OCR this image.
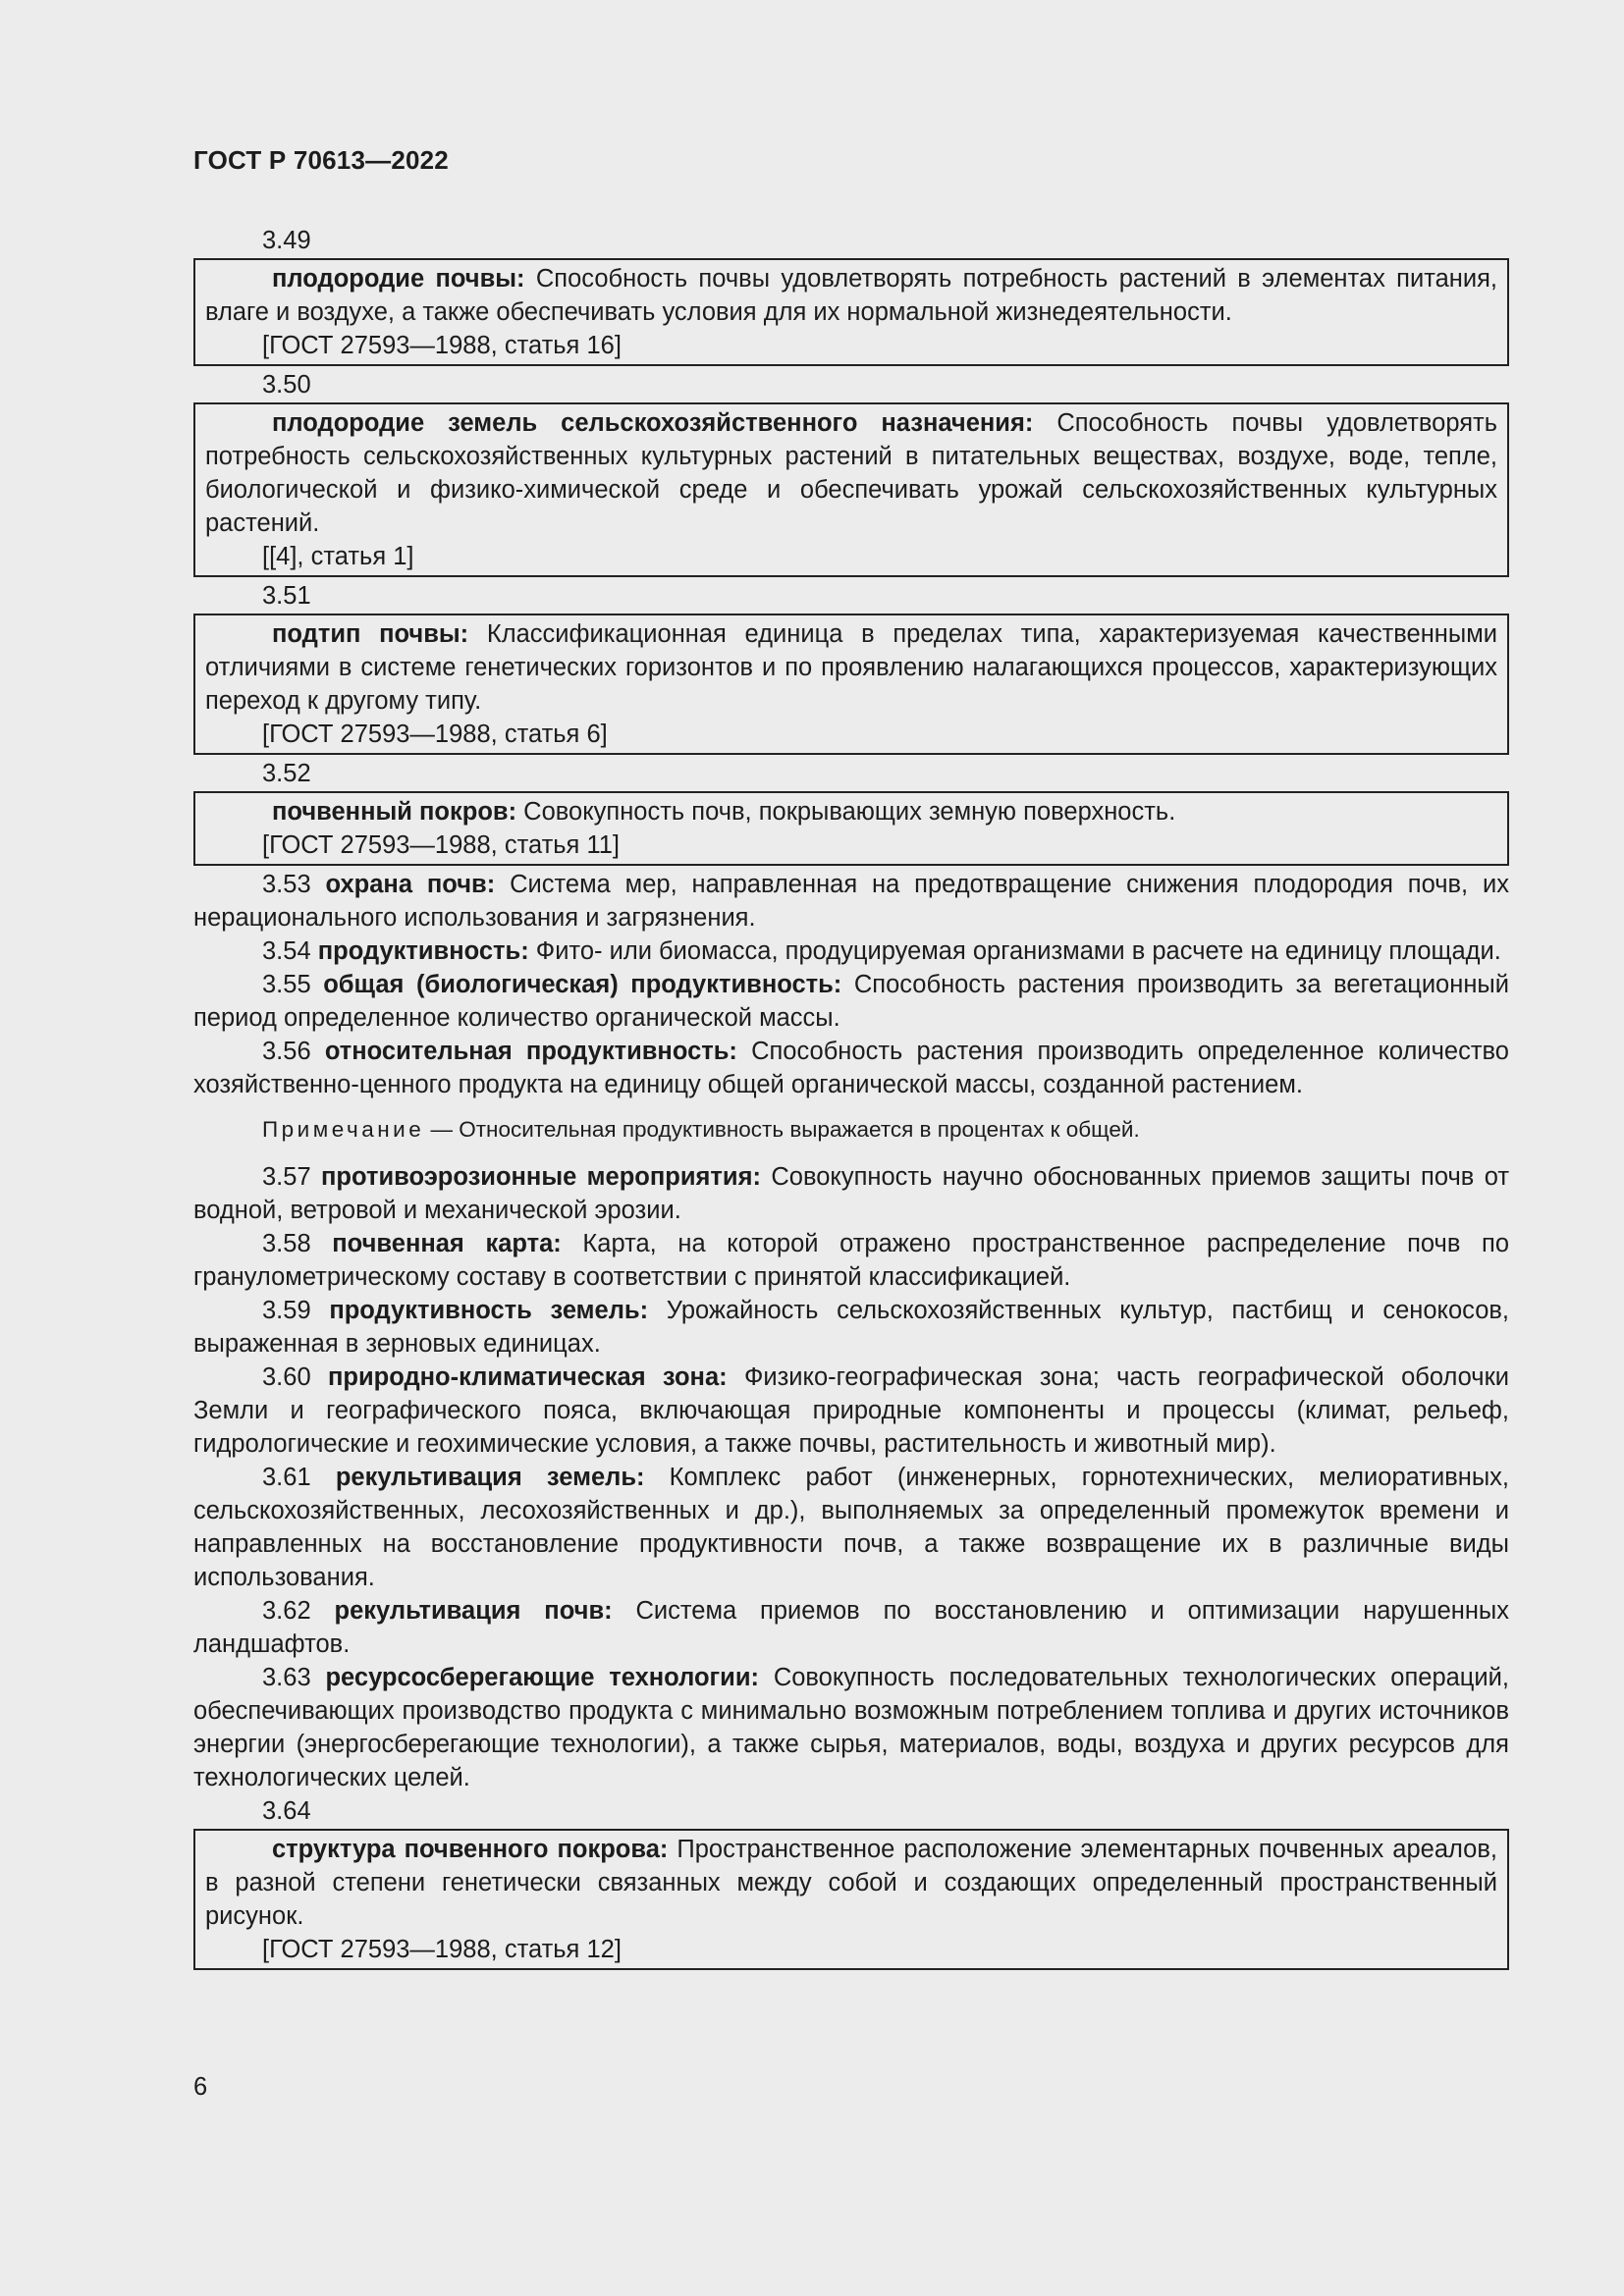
ГОСТ Р 70613—2022
3.49

плодородие почвы: Способность почвы удовлетворять потребность растений в элементах питания, влаге и воздухе, а также обеспечивать условия для их нормальной жизнедеятельности.

[ГОСТ 27593—1988, статья 16]
3.50

плодородие земель сельскохозяйственного назначения: Способность почвы удовлетворять потребность сельскохозяйственных культурных растений в питательных веществах, воздухе, воде, тепле, биологической и физико-химической среде и обеспечивать урожай сельскохозяйственных культурных растений.

[[4], статья 1]
3.51

подтип почвы: Классификационная единица в пределах типа, характеризуемая качественными отличиями в системе генетических горизонтов и по проявлению налагающихся процессов, характеризующих переход к другому типу.

[ГОСТ 27593—1988, статья 6]
3.52

почвенный покров: Совокупность почв, покрывающих земную поверхность.

[ГОСТ 27593—1988, статья 11]

3.53 охрана почв: Система мер, направленная на предотвращение снижения плодородия почв, их нерационального использования и загрязнения.

3.54 продуктивность: Фито- или биомасса, продуцируемая организмами в расчете на единицу площади.

3.55 общая (биологическая) продуктивность: Способность растения производить за вегетационный период определенное количество органической массы.

3.56 относительная продуктивность: Способность растения производить определенное количество хозяйственно-ценного продукта на единицу общей органической массы, созданной растением.

Примечание — Относительная продуктивность выражается в процентах к общей.

3.57 противоэрозионные мероприятия: Совокупность научно обоснованных приемов защиты почв от водной, ветровой и механической эрозии.

3.58 почвенная карта: Карта, на которой отражено пространственное распределение почв по гранулометрическому составу в соответствии с принятой классификацией.

3.59 продуктивность земель: Урожайность сельскохозяйственных культур, пастбищ и сенокосов, выраженная в зерновых единицах.

3.60 природно-климатическая зона: Физико-географическая зона; часть географической оболочки Земли и географического пояса, включающая природные компоненты и процессы (климат, рельеф, гидрологические и геохимические условия, а также почвы, растительность и животный мир).

3.61 рекультивация земель: Комплекс работ (инженерных, горнотехнических, мелиоративных, сельскохозяйственных, лесохозяйственных и др.), выполняемых за определенный промежуток времени и направленных на восстановление продуктивности почв, а также возвращение их в различные виды использования.

3.62 рекультивация почв: Система приемов по восстановлению и оптимизации нарушенных ландшафтов.

3.63 ресурсосберегающие технологии: Совокупность последовательных технологических операций, обеспечивающих производство продукта с минимально возможным потреблением топлива и других источников энергии (энергосберегающие технологии), а также сырья, материалов, воды, воздуха и других ресурсов для технологических целей.

3.64

структура почвенного покрова: Пространственное расположение элементарных почвенных ареалов, в разной степени генетически связанных между собой и создающих определенный пространственный рисунок.

[ГОСТ 27593—1988, статья 12]
6
